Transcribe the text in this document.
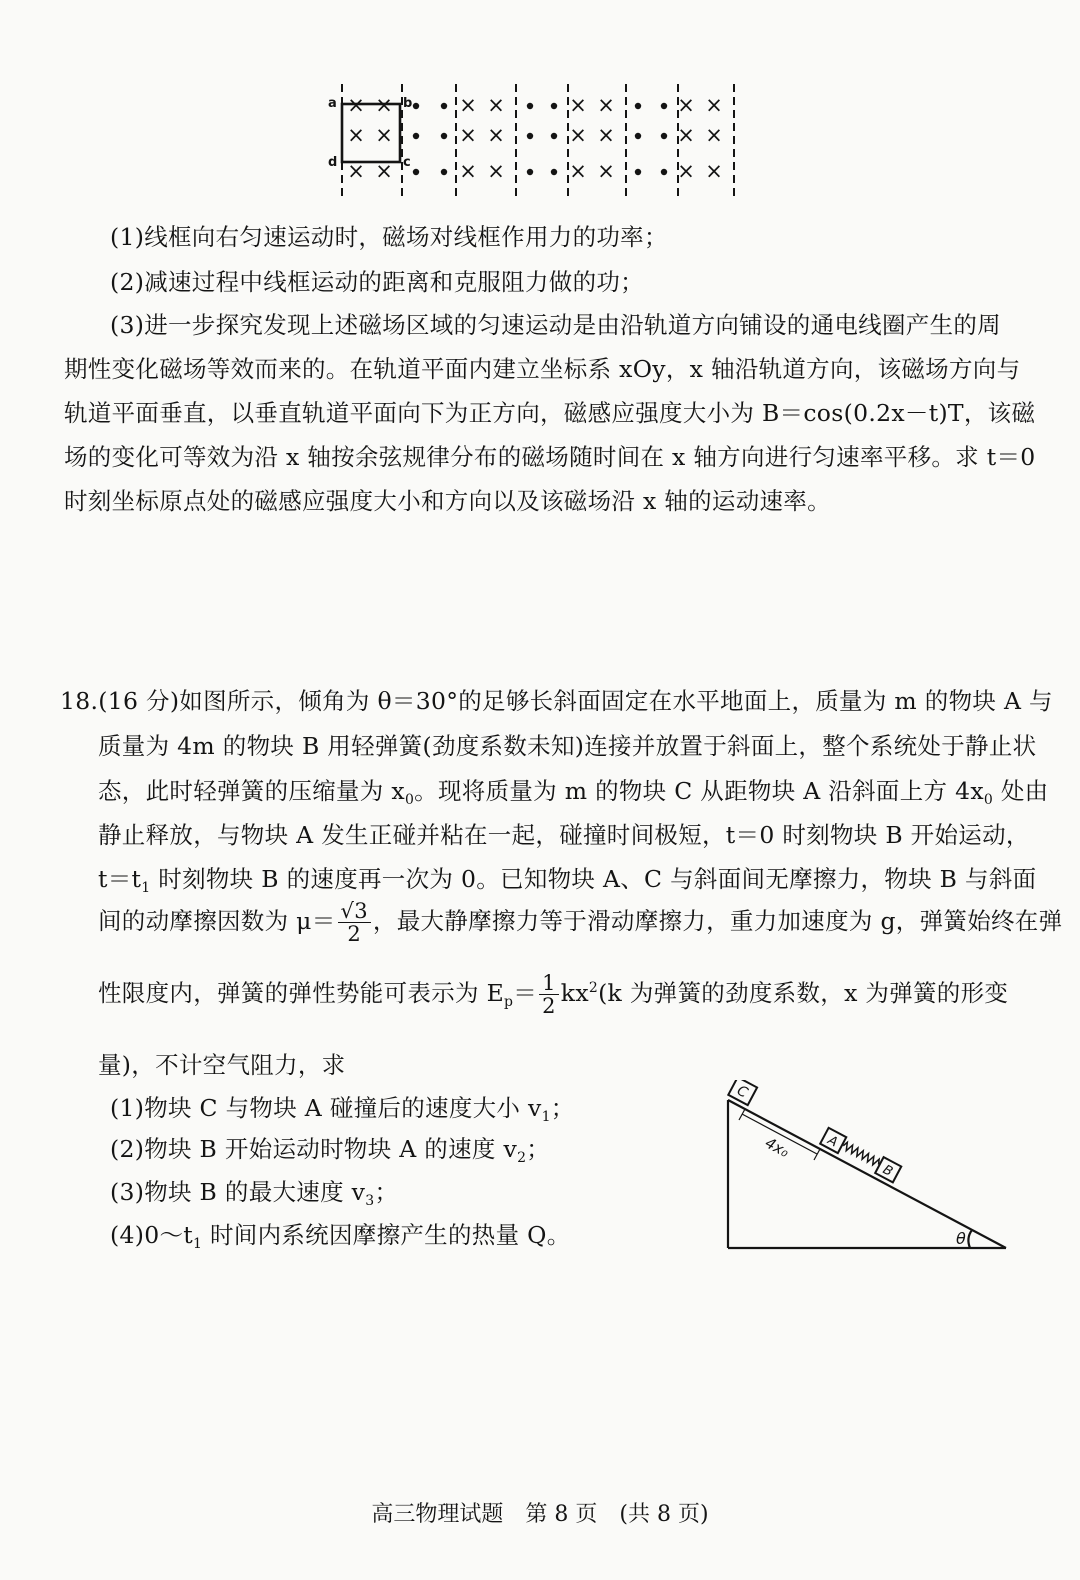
×
×
×
×
×
×
×
×
×
×
×
×
×
×
×
×
×
×
×
×
×
×
×
×
a	b
c
d
(1)线框向右匀速运动时，磁场对线框作用力的功率；
(2)减速过程中线框运动的距离和克服阻力做的功；
(3)进一步探究发现上述磁场区域的匀速运动是由沿轨道方向铺设的通电线圈产生的周
期性变化磁场等效而来的。在轨道平面内建立坐标系 xOy，x 轴沿轨道方向，该磁场方向与
轨道平面垂直，以垂直轨道平面向下为正方向，磁感应强度大小为 B＝cos(0.2x－t)T，该磁
场的变化可等效为沿 x 轴按余弦规律分布的磁场随时间在 x 轴方向进行匀速率平移。求 t＝0
时刻坐标原点处的磁感应强度大小和方向以及该磁场沿 x 轴的运动速率。
18.(16 分)如图所示，倾角为 θ＝30°的足够长斜面固定在水平地面上，质量为 m 的物块 A 与
质量为 4m 的物块 B 用轻弹簧(劲度系数未知)连接并放置于斜面上，整个系统处于静止状
态，此时轻弹簧的压缩量为 $x_0$。现将质量为 m 的物块 C 从距物块 A 沿斜面上方 $4x_0$ 处由
静止释放，与物块 A 发生正碰并粘在一起，碰撞时间极短，t＝0 时刻物块 B 开始运动，
$t=t_1$ 时刻物块 B 的速度再一次为 0。已知物块 A、C 与斜面间无摩擦力，物块 B 与斜面
间的动摩擦因数为 $\mu= \frac{√3}{2}$ ，最大静摩擦力等于滑动摩擦力，重力加速度为 g，弹簧始终在弹
性限度内，弹簧的弹性势能可表示为 $E_p= \frac{1}{2} kx^2(k$ 为弹簧的劲度系数，x 为弹簧的形变
量)，不计空气阻力，求
(1)物块 C 与物块 A 碰撞后的速度大小 $v_1$；
(2)物块 B 开始运动时物块 A 的速度 $v_2$；
(3)物块 B 的最大速度 $v_3$；
$(4)0\sim t_1$ 时间内系统因摩擦产生的热量 Q。
C
A
B
4x₀
θ
高三物理试题　第 8 页　(共 8 页)
